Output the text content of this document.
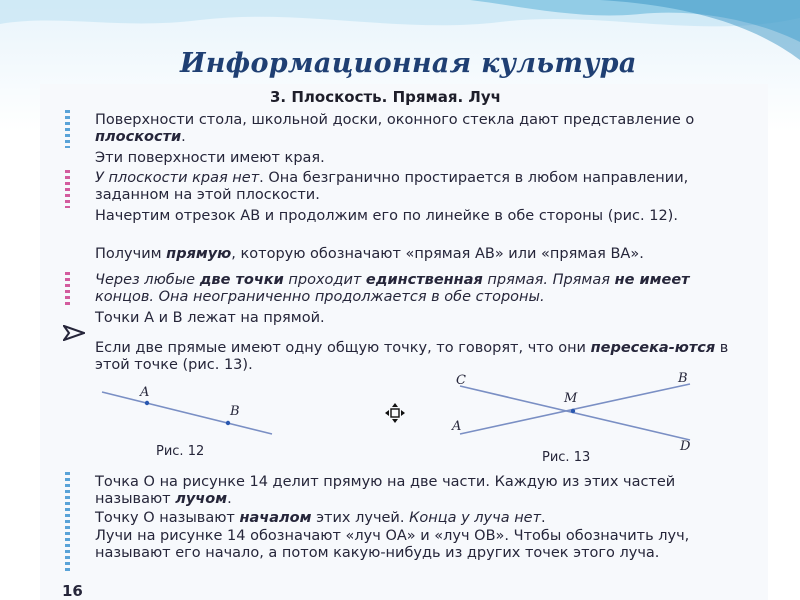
Информационная культура
3. Плоскость. Прямая. Луч

Поверхности стола, школьной доски, оконного стекла дают представление о плоскости.

Эти поверхности имеют края.

У плоскости края нет. Она безгранично простирается в любом направлении, заданном на этой плоскости.

Начертим отрезок АВ и продолжим его по линейке в обе стороны (рис. 12).

Получим прямую, которую обозначают «прямая АВ» или «прямая ВА».

Через любые две точки проходит единственная прямая. Прямая не имеет концов. Она неограниченно продолжается в обе стороны.

Точки А и В лежат на прямой.

Если две прямые имеют одну общую точку, то говорят, что они пересека-ются в этой точке (рис. 13).

A
B

Рис. 12

C	B
M
A
D

Рис. 13

Точка О на рисунке 14 делит прямую на две части. Каждую из этих частей называют лучом.

Точку О называют началом этих лучей. Конца у луча нет.

Лучи на рисунке 14 обозначают «луч ОА» и «луч ОВ». Чтобы обозначить луч, называют его начало, а потом какую-нибудь из других точек этого луча.

16
